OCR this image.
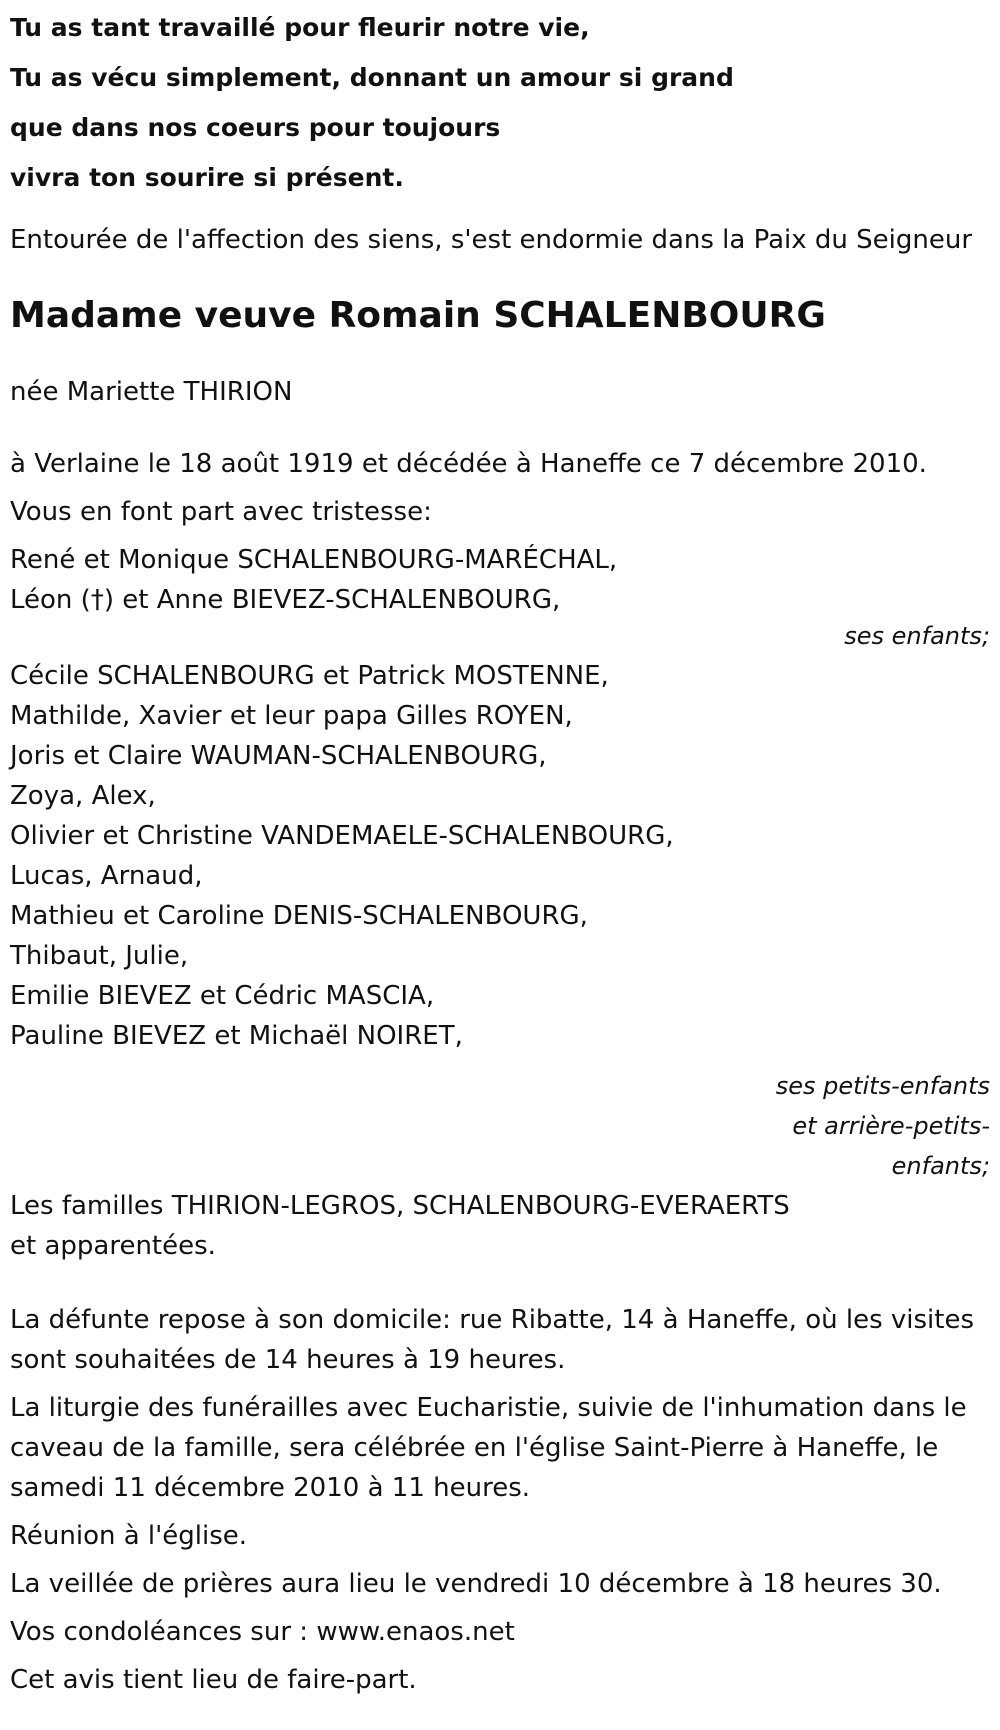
Tu as tant travaillé pour fleurir notre vie,
Tu as vécu simplement, donnant un amour si grand
que dans nos coeurs pour toujours
vivra ton sourire si présent.
Entourée de l'affection des siens, s'est endormie dans la Paix du Seigneur
Madame veuve Romain SCHALENBOURG
née Mariette THIRION
à Verlaine le 18 août 1919 et décédée à Haneffe ce 7 décembre 2010.
Vous en font part avec tristesse:
René et Monique SCHALENBOURG-MARÉCHAL,
Léon (†) et Anne BIEVEZ-SCHALENBOURG,
ses enfants;
Cécile SCHALENBOURG et Patrick MOSTENNE,
Mathilde, Xavier et leur papa Gilles ROYEN,
Joris et Claire WAUMAN-SCHALENBOURG,
Zoya, Alex,
Olivier et Christine VANDEMAELE-SCHALENBOURG,
Lucas, Arnaud,
Mathieu et Caroline DENIS-SCHALENBOURG,
Thibaut, Julie,
Emilie BIEVEZ et Cédric MASCIA,
Pauline BIEVEZ et Michaël NOIRET,
ses petits-enfants
et arrière-petits-
enfants;
Les familles THIRION-LEGROS, SCHALENBOURG-EVERAERTS
et apparentées.
La défunte repose à son domicile: rue Ribatte, 14 à Haneffe, où les visites
sont souhaitées de 14 heures à 19 heures.
La liturgie des funérailles avec Eucharistie, suivie de l'inhumation dans le
caveau de la famille, sera célébrée en l'église Saint-Pierre à Haneffe, le
samedi 11 décembre 2010 à 11 heures.
Réunion à l'église.
La veillée de prières aura lieu le vendredi 10 décembre à 18 heures 30.
Vos condoléances sur : www.enaos.net
Cet avis tient lieu de faire-part.
